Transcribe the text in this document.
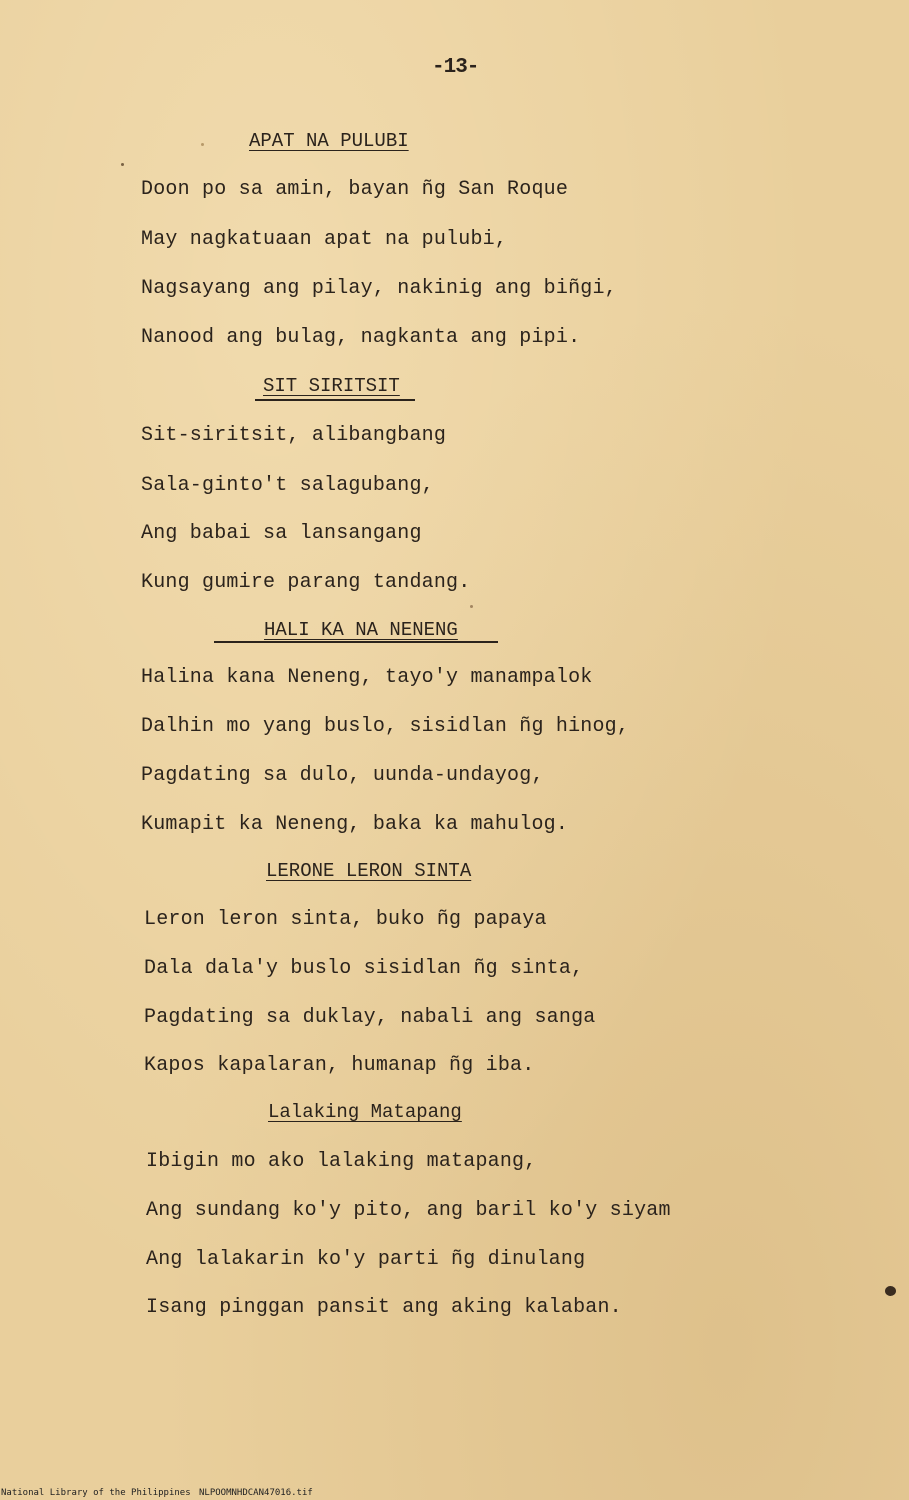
-13-
APAT NA PULUBI
Doon po sa amin, bayan ñg San Roque
May nagkatuaan apat na pulubi,
Nagsayang ang pilay, nakinig ang biñgi,
Nanood ang bulag, nagkanta ang pipi.
SIT SIRITSIT
Sit-siritsit, alibangbang
Sala-ginto't salagubang,
Ang babai sa lansangang
Kung gumire parang tandang.
HALI KA NA NENENG
Halina kana Neneng, tayo'y manampalok
Dalhin mo yang buslo, sisidlan ñg hinog,
Pagdating sa dulo, uunda-undayog,
Kumapit ka Neneng, baka ka mahulog.
LERONE LERON SINTA
Leron leron sinta, buko ñg papaya
Dala dala'y buslo sisidlan ñg sinta,
Pagdating sa duklay, nabali ang sanga
Kapos kapalaran, humanap ñg iba.
Lalaking Matapang
Ibigin mo ako lalaking matapang,
Ang sundang ko'y pito, ang baril ko'y siyam
Ang lalakarin ko'y parti ñg dinulang
Isang pinggan pansit ang aking kalaban.
National Library of the Philippines NLPOOMNHDCAN47016.tif
